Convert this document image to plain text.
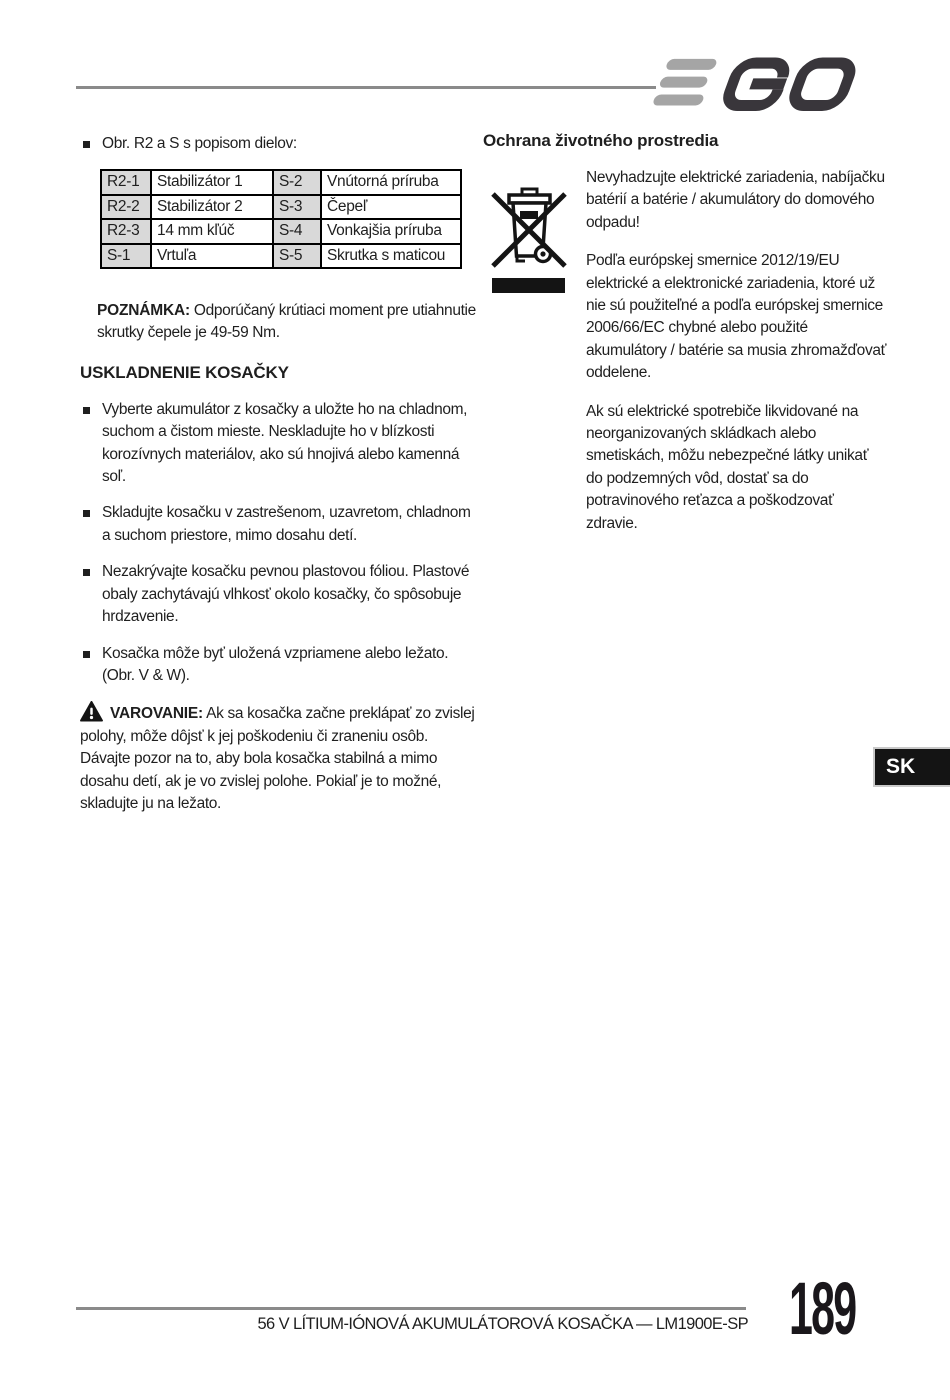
Obr. R2 a S s popisom dielov:
R2-1	Stabilizátor 1	S-2	Vnútorná príruba
R2-2	Stabilizátor 2	S-3	Čepeľ
R2-3	14 mm kľúč	S-4	Vonkajšia príruba
S-1	Vrtuľa	S-5	Skrutka s maticou

POZNÁMKA: Odporúčaný krútiaci moment pre utiahnutie skrutky čepele je 49-59 Nm.

USKLADNENIE KOSAČKY
Vyberte akumulátor z kosačky a uložte ho na chladnom, suchom a čistom mieste. Neskladujte ho v blízkosti korozívnych materiálov, ako sú hnojivá alebo kamenná soľ.
Skladujte kosačku v zastrešenom, uzavretom, chladnom a suchom priestore, mimo dosahu detí.
Nezakrývajte kosačku pevnou plastovou fóliou. Plastové obaly zachytávajú vlhkosť okolo kosačky, čo spôsobuje hrdzavenie.
Kosačka môže byť uložená vzpriamene alebo ležato. (Obr. V & W).

VAROVANIE: Ak sa kosačka začne preklápať zo zvislej polohy, môže dôjsť k jej poškodeniu či zraneniu osôb. Dávajte pozor na to, aby bola kosačka stabilná a mimo dosahu detí, ak je vo zvislej polohe. Pokiaľ je to možné, skladujte ju na ležato.

Ochrana životného prostredia

Nevyhadzujte elektrické zariadenia, nabíjačku batérií a batérie / akumulátory do domového odpadu!

Podľa európskej smernice 2012/19/EU elektrické a elektronické zariadenia, ktoré už nie sú použiteľné a podľa európskej smernice 2006/66/EC chybné alebo použité akumulátory / batérie sa musia zhromažďovať oddelene.

Ak sú elektrické spotrebiče likvidované na neorganizovaných skládkach alebo smetiskách, môžu nebezpečné látky unikať do podzemných vôd, dostať sa do potravinového reťazca a poškodzovať zdravie.

SK
56 V LÍTIUM-IÓNOVÁ AKUMULÁTOROVÁ KOSAČKA — LM1900E-SP 189
